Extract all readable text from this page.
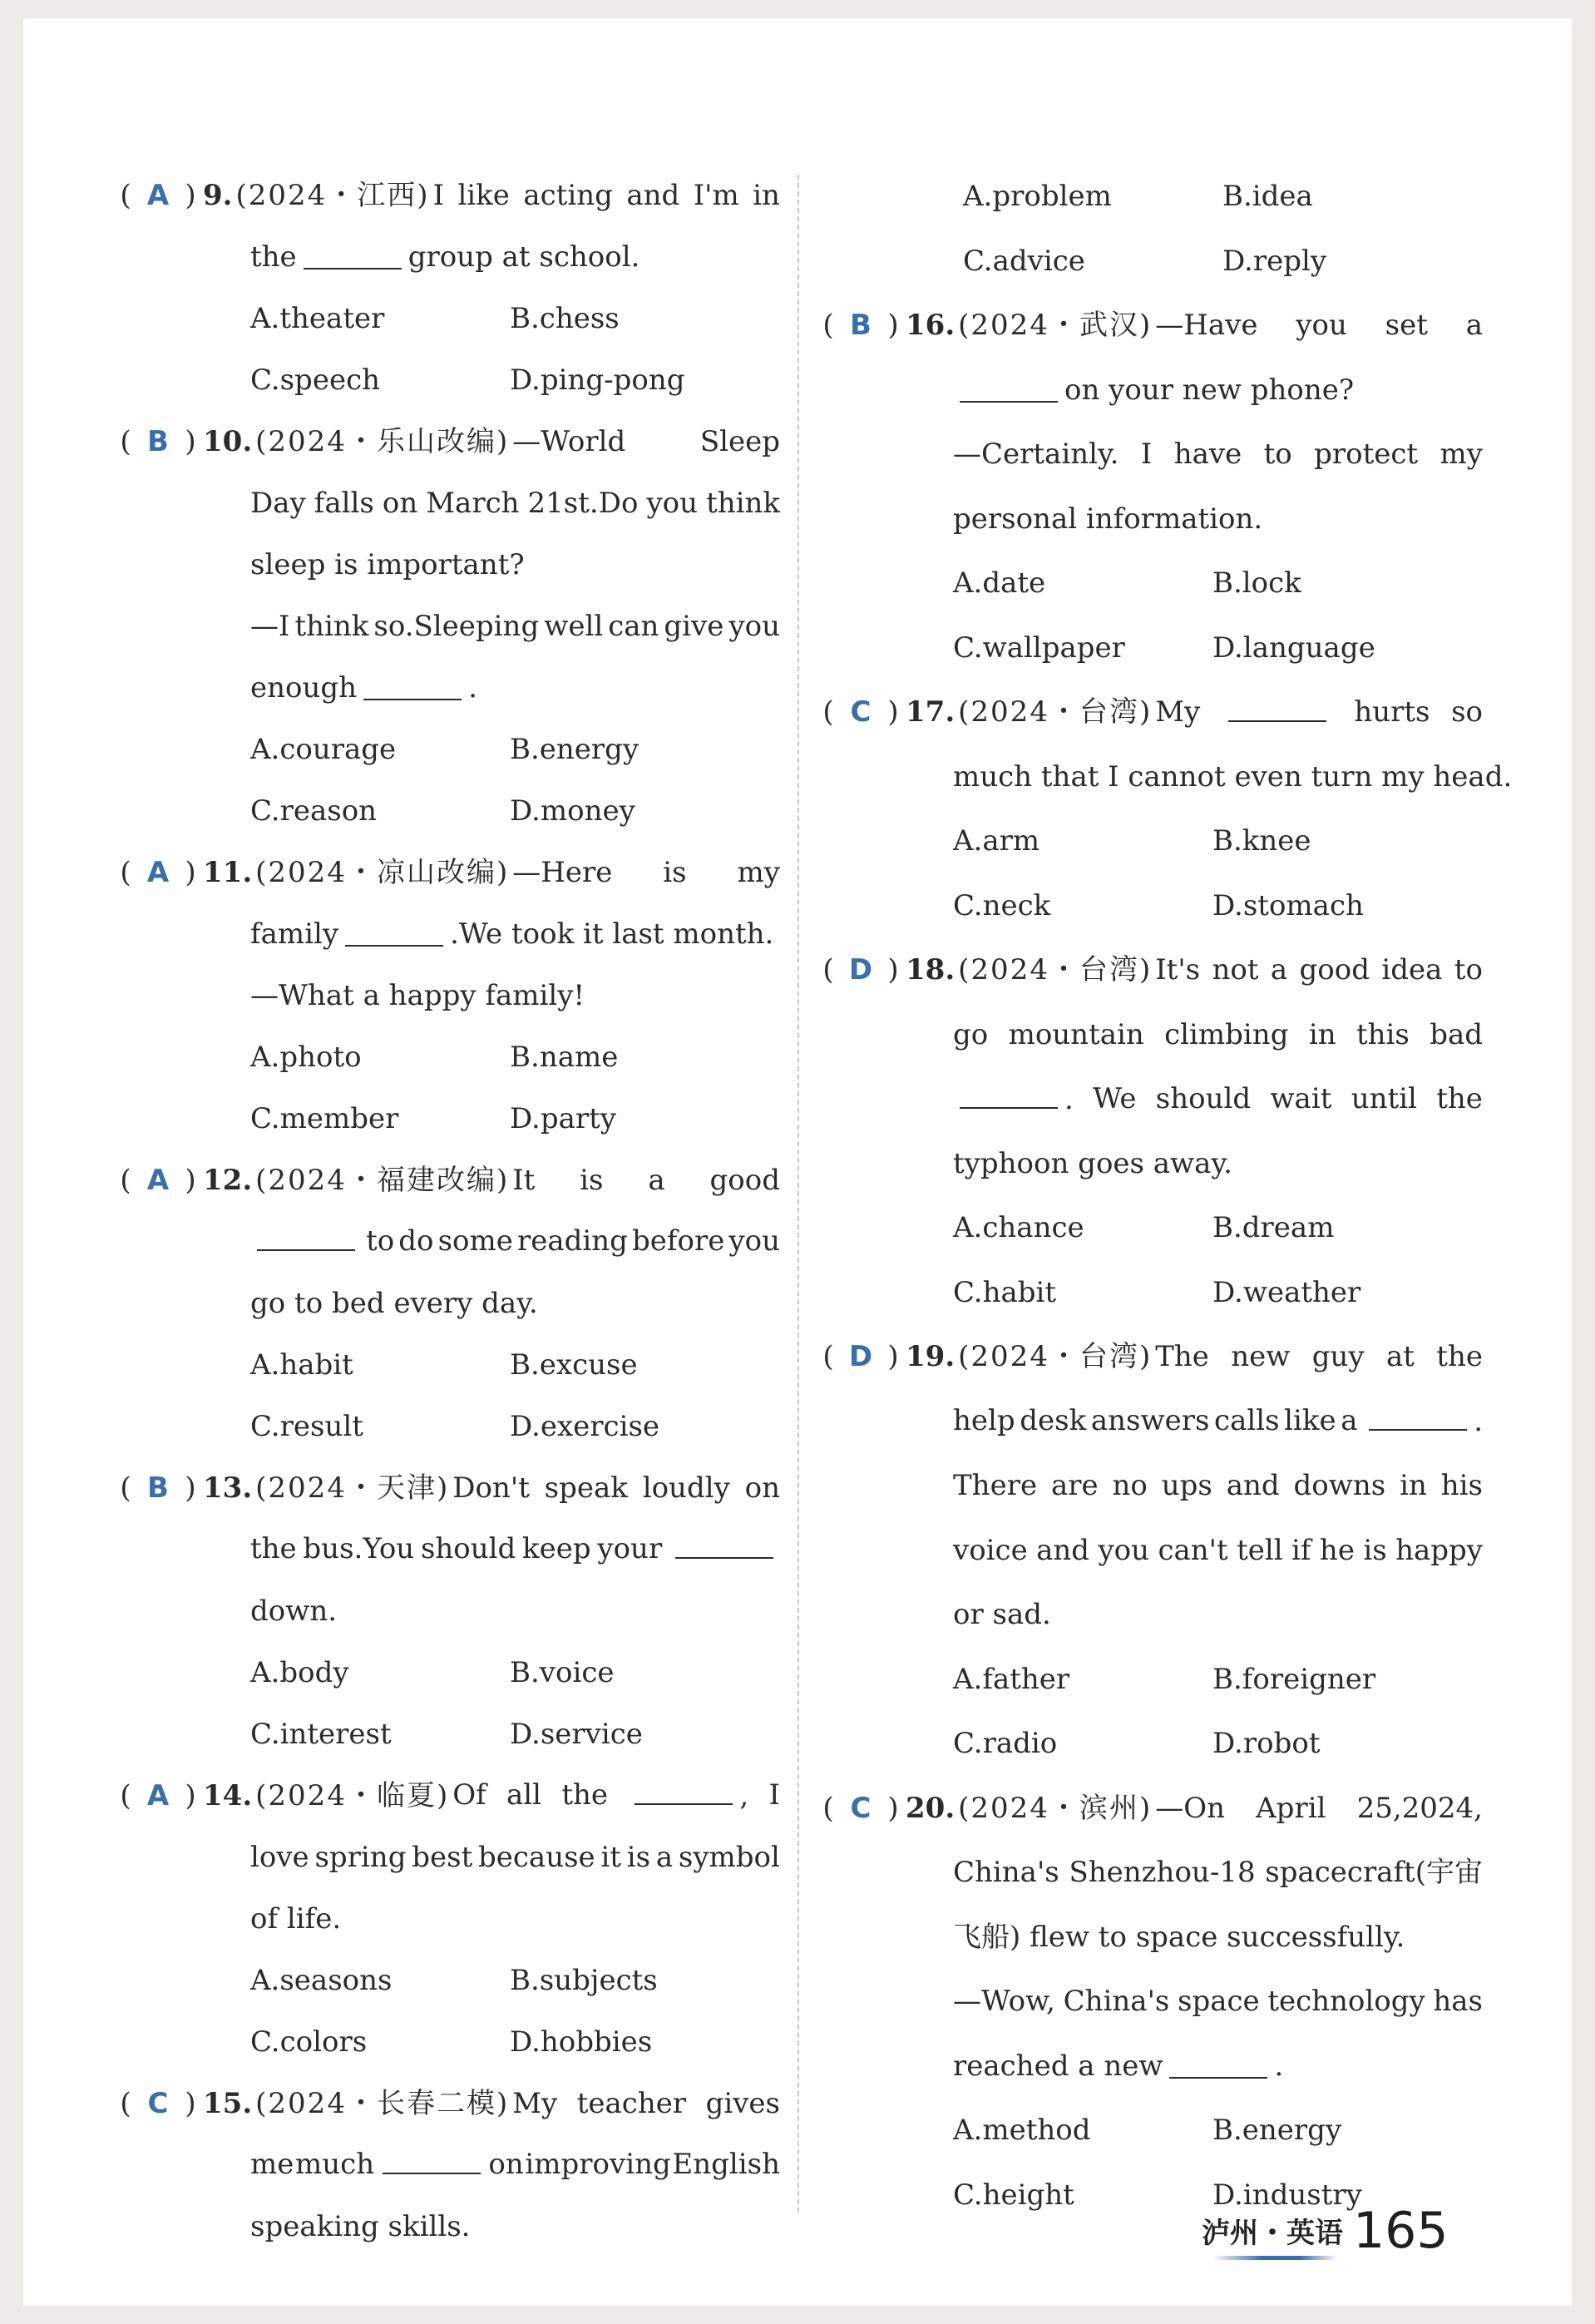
( A ) 9. (2024・江西) I like acting and I'm in
the	group at school.
A.theater	B.chess
C.speech	D.ping-pong
( B ) 10. (2024・乐山改编) —World	Sleep
Day falls on March 21st.Do you think
sleep is important?
—I think so.Sleeping well can give you
enough	.
A.courage	B.energy
C.reason	D.money
( A ) 11. (2024・凉山改编) —Here is my
family	.We took it last month.
—What a happy family!
A.photo	B.name
C.member	D.party
( A ) 12. (2024・福建改编) It is a good
to do some reading before you
go to bed every day.
A.habit	B.excuse
C.result	D.exercise
( B ) 13. (2024・天津) Don't speak loudly on
the bus.You should keep your
down.
A.body	B.voice
C.interest	D.service
( A ) 14. (2024・临夏) Of all the	, I
love spring best because it is a symbol
of life.
A.seasons	B.subjects
C.colors	D.hobbies
( C ) 15. (2024・长春二模) My teacher gives
me much	on improving English
speaking skills.
A.problem	B.idea
C.advice	D.reply
( B ) 16. (2024・武汉) —Have you set a
on your new phone?
—Certainly. I have to protect my
personal information.
A.date	B.lock
C.wallpaper	D.language
( C ) 17. (2024・台湾) My	hurts so
much that I cannot even turn my head.
A.arm	B.knee
C.neck	D.stomach
( D ) 18. (2024・台湾) It's not a good idea to
go mountain climbing in this bad
. We should wait until the
typhoon goes away.
A.chance	B.dream
C.habit	D.weather
( D ) 19. (2024・台湾) The new guy at the
help desk answers calls like a	.
There are no ups and downs in his
voice and you can't tell if he is happy
or sad.
A.father	B.foreigner
C.radio	D.robot
( C ) 20. (2024・滨州) —On April 25,2024,
China's Shenzhou-18 spacecraft(宇宙
飞船) flew to space successfully.
—Wow, China's space technology has
reached a new	.
A.method	B.energy
C.height	D.industry
泸州・英语 165
